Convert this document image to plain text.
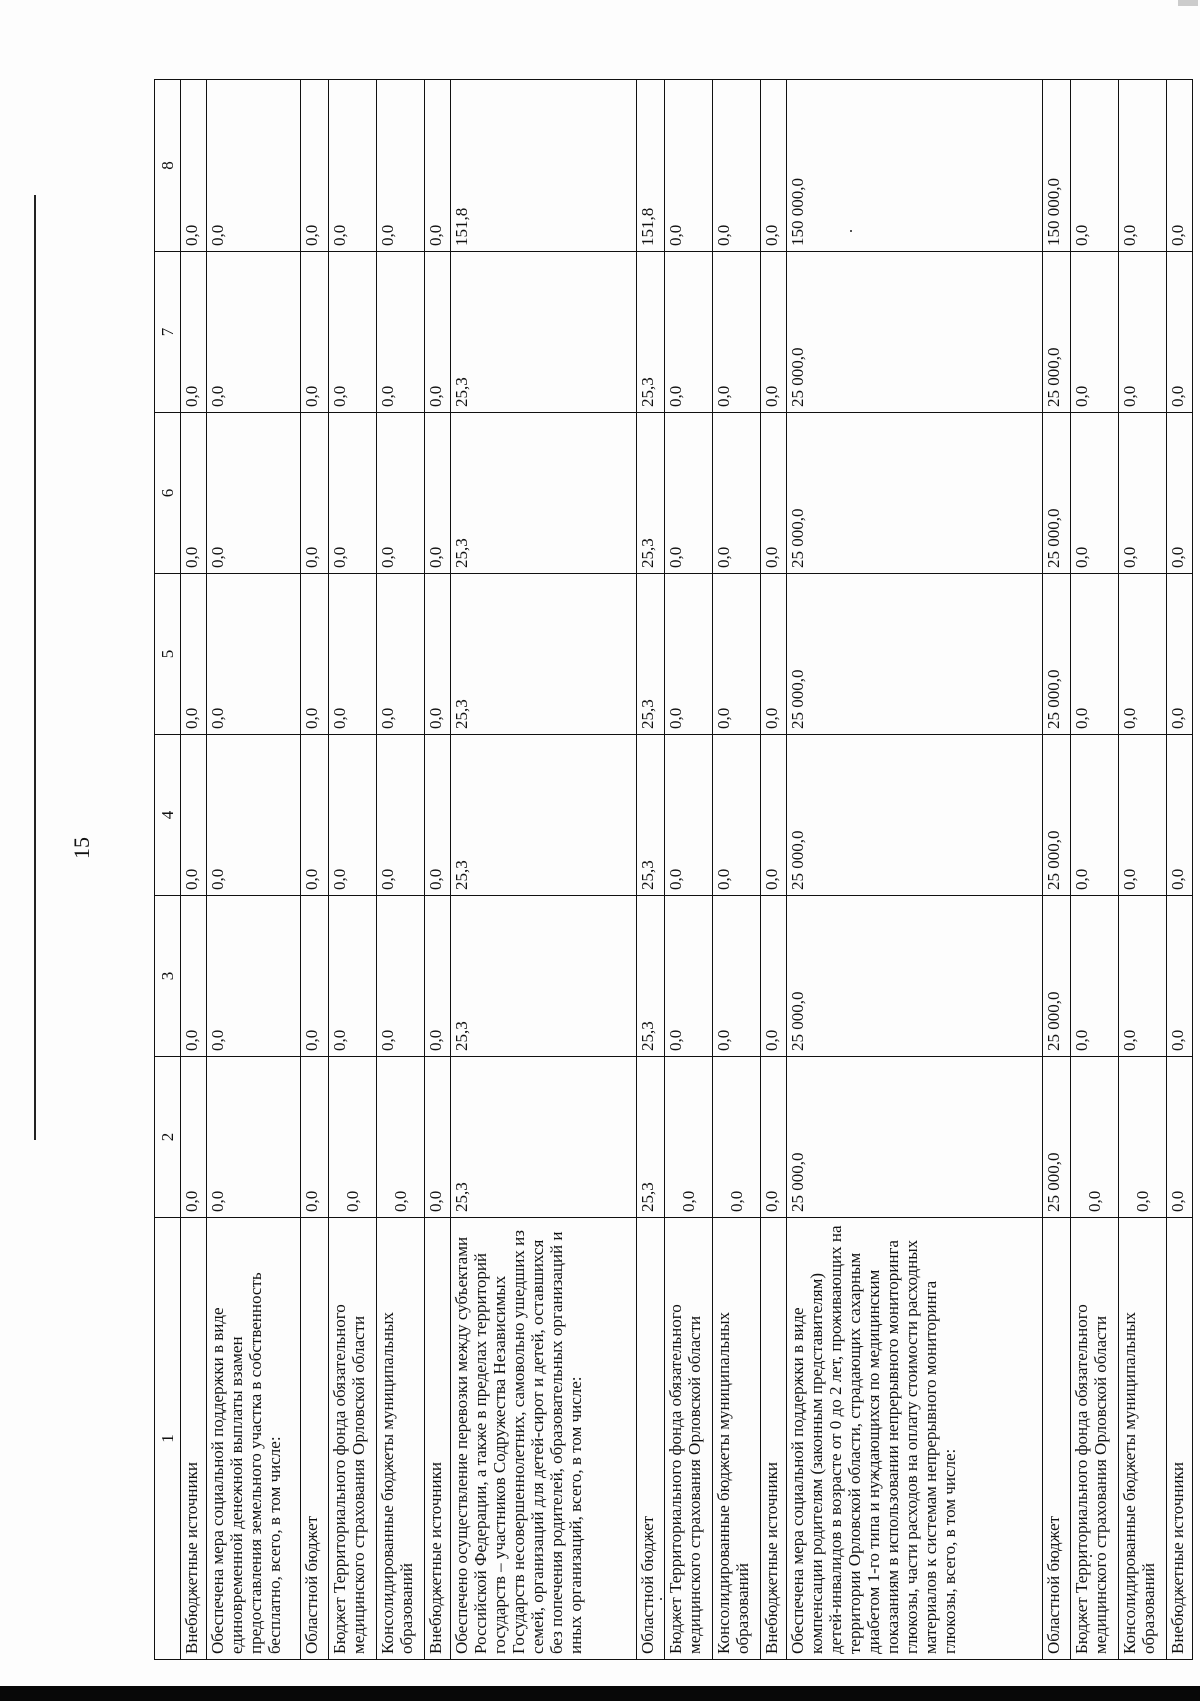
15
1	2	3	4	5	6	7	8
Внебюджетные источники	0,0	0,0	0,0	0,0	0,0	0,0	0,0
Обеспечена мера социальной поддержки в виде единовременной денежной выплаты взамен предоставления земельного участка в собственность бесплатно, всего, в том числе:	0,0	0,0	0,0	0,0	0,0	0,0	0,0
Областной бюджет	0,0	0,0	0,0	0,0	0,0	0,0	0,0
Бюджет Территориального фонда обязательного медицинского страхования Орловской области	0,0	0,0	0,0	0,0	0,0	0,0	0,0
Консолидированные бюджеты муниципальных образований	0,0	0,0	0,0	0,0	0,0	0,0	0,0
Внебюджетные источники	0,0	0,0	0,0	0,0	0,0	0,0	0,0
Обеспечено осуществление перевозки между субъектами Российской Федерации, а также в пределах территорий государств – участников Содружества Независимых Государств несовершеннолетних, самовольно ушедших из семей, организаций для детей-сирот и детей, оставшихся без попечения родителей, образовательных организаций и иных организаций, всего, в том числе:	25,3	25,3	25,3	25,3	25,3	25,3	151,8
Областной бюджет	25,3	25,3	25,3	25,3	25,3	25,3	151,8
Бюджет Территориального фонда обязательного медицинского страхования Орловской области	0,0	0,0	0,0	0,0	0,0	0,0	0,0
Консолидированные бюджеты муниципальных образований	0,0	0,0	0,0	0,0	0,0	0,0	0,0
Внебюджетные источники	0,0	0,0	0,0	0,0	0,0	0,0	0,0
Обеспечена мера социальной поддержки в виде компенсации родителям (законным представителям) детей-инвалидов в возрасте от 0 до 2 лет, проживающих на территории Орловской области, страдающих сахарным диабетом 1-го типа и нуждающихся по медицинским показаниям в использовании непрерывного мониторинга глюкозы, части расходов на оплату стоимости расходных материалов к системам непрерывного мониторинга глюкозы, всего, в том числе:	25 000,0	25 000,0	25 000,0	25 000,0	25 000,0	25 000,0	150 000,0
Областной бюджет	25 000,0	25 000,0	25 000,0	25 000,0	25 000,0	25 000,0	150 000,0
Бюджет Территориального фонда обязательного медицинского страхования Орловской области	0,0	0,0	0,0	0,0	0,0	0,0	0,0
Консолидированные бюджеты муниципальных образований	0,0	0,0	0,0	0,0	0,0	0,0	0,0
Внебюджетные источники	0,0	0,0	0,0	0,0	0,0	0,0	0,0
